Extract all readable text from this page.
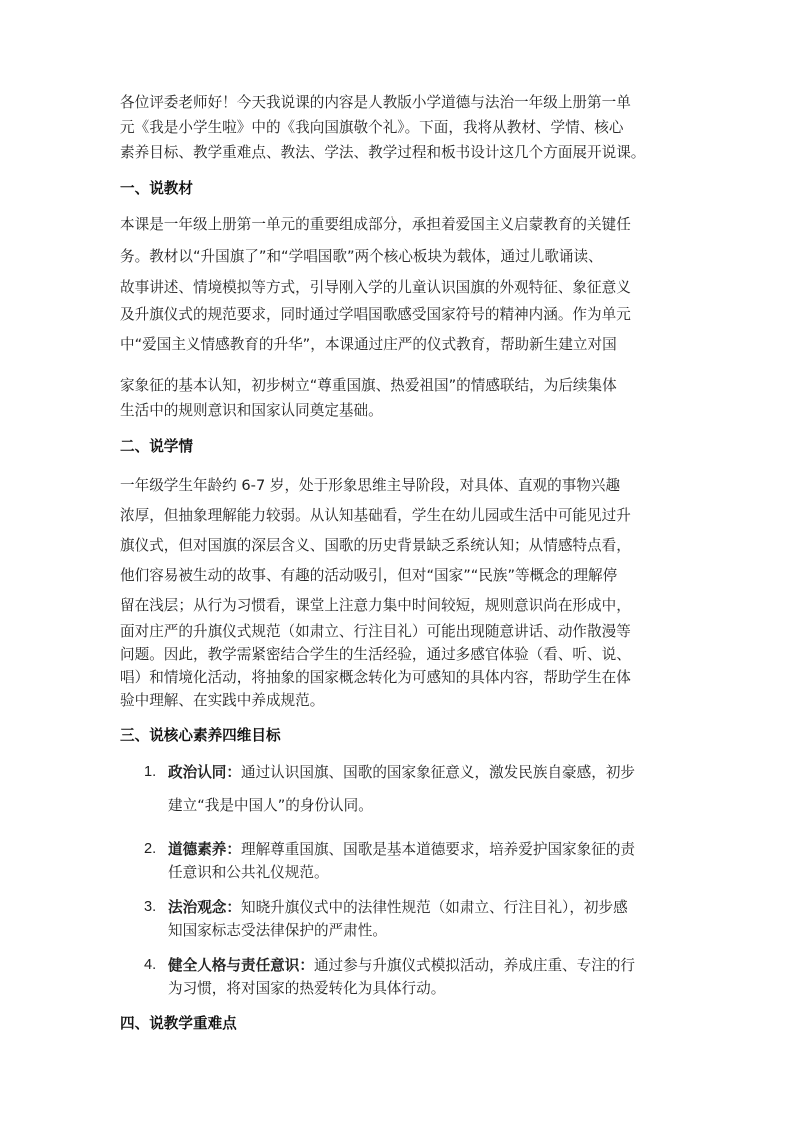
各位评委老师好！今天我说课的内容是人教版小学道德与法治一年级上册第一单
元《我是小学生啦》中的《我向国旗敬个礼》。下面，我将从教材、学情、核心
素养目标、教学重难点、教法、学法、教学过程和板书设计这几个方面展开说课。
一、说教材
本课是一年级上册第一单元的重要组成部分，承担着爱国主义启蒙教育的关键任
务。教材以“升国旗了”和“学唱国歌”两个核心板块为载体，通过儿歌诵读、
故事讲述、情境模拟等方式，引导刚入学的儿童认识国旗的外观特征、象征意义
及升旗仪式的规范要求，同时通过学唱国歌感受国家符号的精神内涵。作为单元
中“爱国主义情感教育的升华”，本课通过庄严的仪式教育，帮助新生建立对国
家象征的基本认知，初步树立“尊重国旗、热爱祖国”的情感联结，为后续集体
生活中的规则意识和国家认同奠定基础。
二、说学情
一年级学生年龄约 6-7 岁，处于形象思维主导阶段，对具体、直观的事物兴趣
浓厚，但抽象理解能力较弱。从认知基础看，学生在幼儿园或生活中可能见过升
旗仪式，但对国旗的深层含义、国歌的历史背景缺乏系统认知；从情感特点看，
他们容易被生动的故事、有趣的活动吸引，但对“国家”“民族”等概念的理解停
留在浅层；从行为习惯看，课堂上注意力集中时间较短，规则意识尚在形成中，
面对庄严的升旗仪式规范（如肃立、行注目礼）可能出现随意讲话、动作散漫等
问题。因此，教学需紧密结合学生的生活经验，通过多感官体验（看、听、说、
唱）和情境化活动，将抽象的国家概念转化为可感知的具体内容，帮助学生在体
验中理解、在实践中养成规范。
三、说核心素养四维目标
1. 政治认同：通过认识国旗、国歌的国家象征意义，激发民族自豪感，初步
建立“我是中国人”的身份认同。
2. 道德素养：理解尊重国旗、国歌是基本道德要求，培养爱护国家象征的责
任意识和公共礼仪规范。
3. 法治观念：知晓升旗仪式中的法律性规范（如肃立、行注目礼），初步感
知国家标志受法律保护的严肃性。
4. 健全人格与责任意识：通过参与升旗仪式模拟活动，养成庄重、专注的行
为习惯，将对国家的热爱转化为具体行动。
四、说教学重难点
